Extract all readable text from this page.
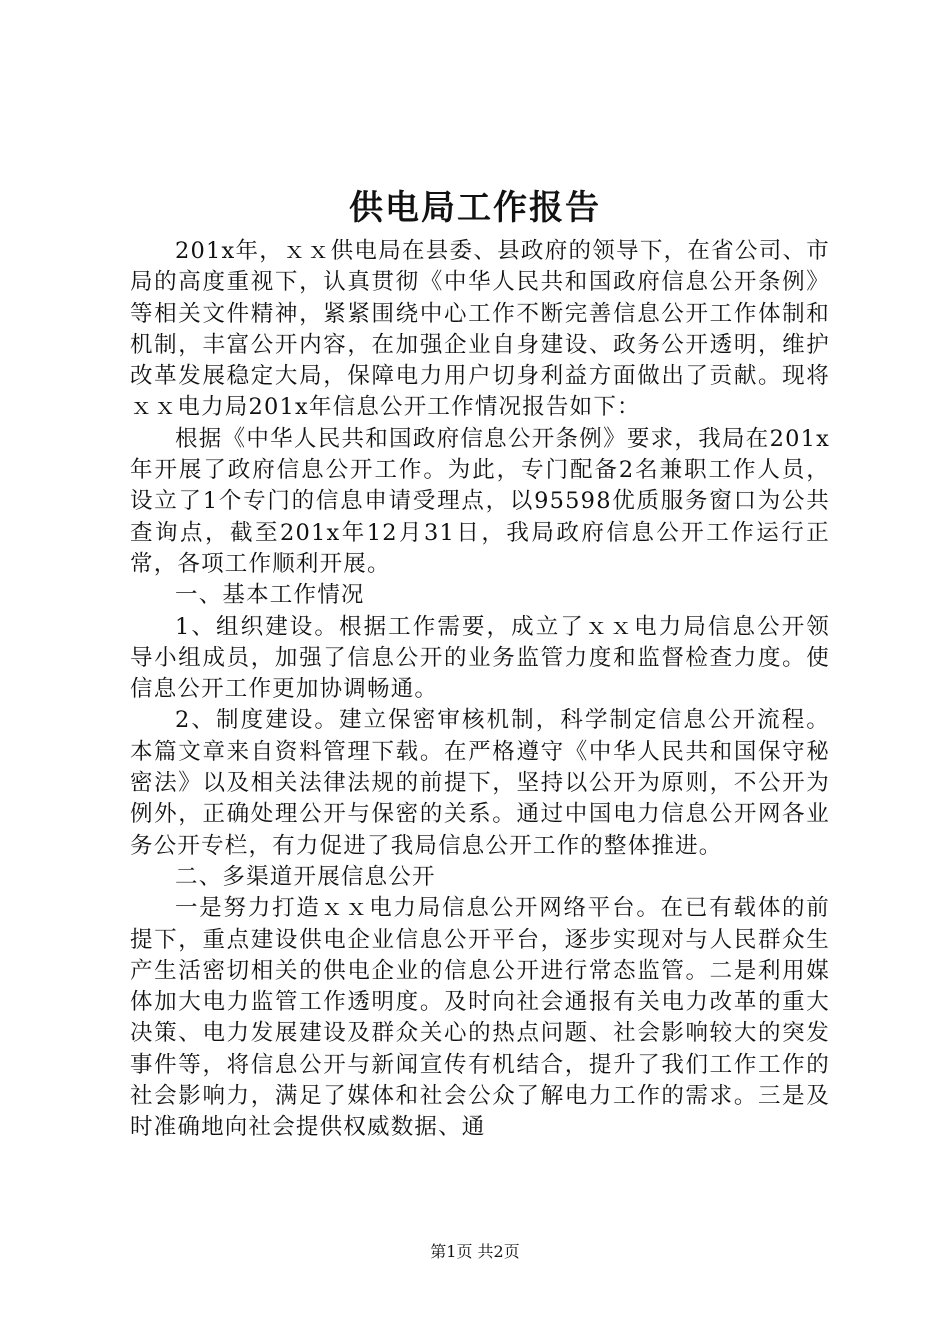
供电局工作报告

201x年，ｘｘ供电局在县委、县政府的领导下，在省公司、市局的高度重视下，认真贯彻《中华人民共和国政府信息公开条例》等相关文件精神，紧紧围绕中心工作不断完善信息公开工作体制和机制，丰富公开内容，在加强企业自身建设、政务公开透明，维护改革发展稳定大局，保障电力用户切身利益方面做出了贡献。现将ｘｘ电力局201x年信息公开工作情况报告如下：

根据《中华人民共和国政府信息公开条例》要求，我局在201x年开展了政府信息公开工作。为此，专门配备2名兼职工作人员，设立了1个专门的信息申请受理点，以95598优质服务窗口为公共查询点，截至201x年12月31日，我局政府信息公开工作运行正常，各项工作顺利开展。

一、基本工作情况

1、组织建设。根据工作需要，成立了ｘｘ电力局信息公开领导小组成员，加强了信息公开的业务监管力度和监督检查力度。使信息公开工作更加协调畅通。

2、制度建设。建立保密审核机制，科学制定信息公开流程。本篇文章来自资料管理下载。在严格遵守《中华人民共和国保守秘密法》以及相关法律法规的前提下，坚持以公开为原则，不公开为例外，正确处理公开与保密的关系。通过中国电力信息公开网各业务公开专栏，有力促进了我局信息公开工作的整体推进。

二、多渠道开展信息公开

一是努力打造ｘｘ电力局信息公开网络平台。在已有载体的前提下，重点建设供电企业信息公开平台，逐步实现对与人民群众生产生活密切相关的供电企业的信息公开进行常态监管。二是利用媒体加大电力监管工作透明度。及时向社会通报有关电力改革的重大决策、电力发展建设及群众关心的热点问题、社会影响较大的突发事件等，将信息公开与新闻宣传有机结合，提升了我们工作工作的社会影响力，满足了媒体和社会公众了解电力工作的需求。三是及时准确地向社会提供权威数据、通

第1页 共2页
